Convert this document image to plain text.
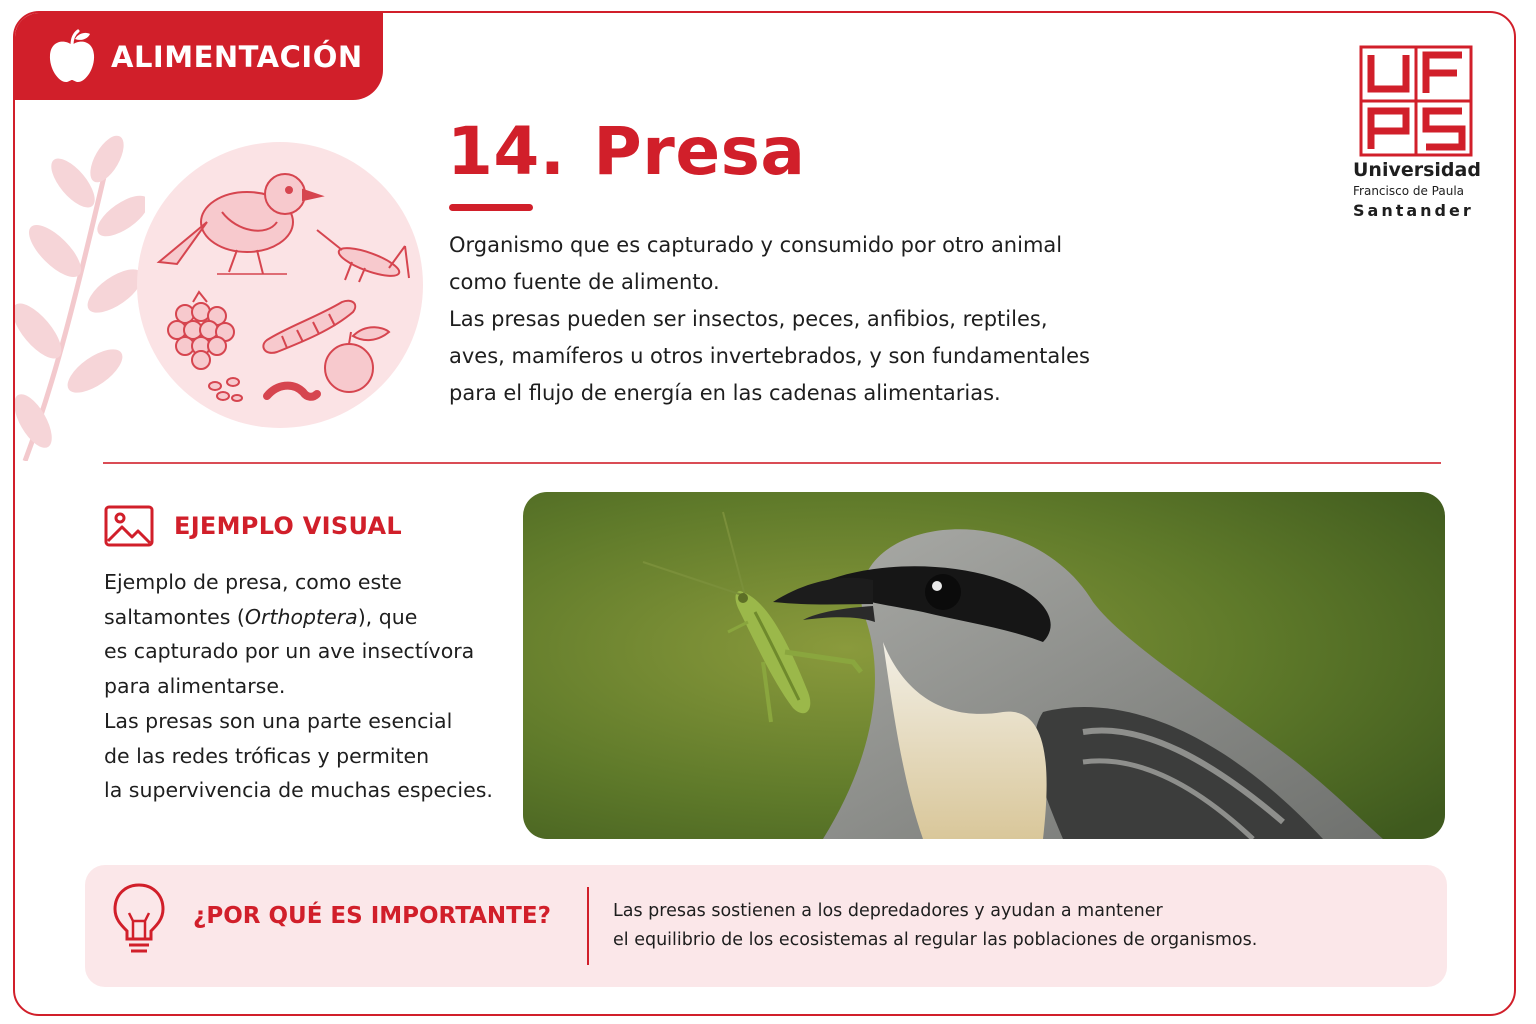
ALIMENTACIÓN
14. Presa

Organismo que es capturado y consumido por otro animal

como fuente de alimento.

Las presas pueden ser insectos, peces, anfibios, reptiles,

aves, mamíferos u otros invertebrados, y son fundamentales

para el flujo de energía en las cadenas alimentarias.

Universidad
Francisco de Paula
Santander
EJEMPLO VISUAL
Ejemplo de presa, como este
saltamontes (Orthoptera), que
es capturado por un ave insectívora
para alimentarse.
Las presas son una parte esencial
de las redes tróficas y permiten
la supervivencia de muchas especies.
¿POR QUÉ ES IMPORTANTE?	Las presas sostienen a los depredadores y ayudan a mantener
el equilibrio de los ecosistemas al regular las poblaciones de organismos.
